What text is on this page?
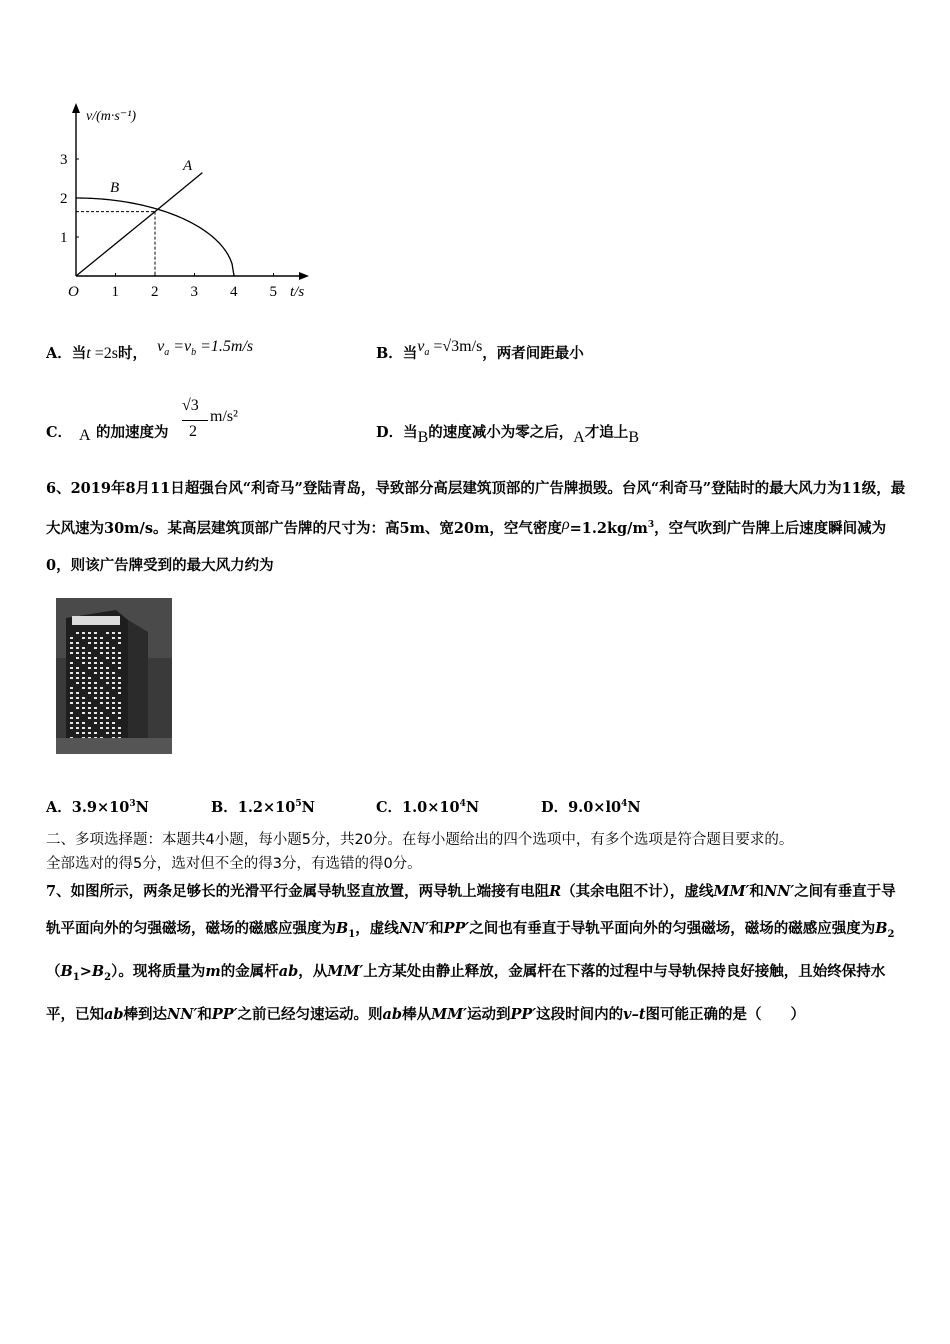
1 2 3 4 5
1
2
3
v/(m·s⁻¹)
t/s
O
A
B
A．当t =2s时， $v_a =v_b =1.5m/s$	B．当$v_a =√3m/s$，两者间距最小
C． A 的加速度为
√3
2
m/s²
D．当B的速度减小为零之后，A才追上B
6、2019年8月11日超强台风“利奇马”登陆青岛，导致部分高层建筑顶部的广告牌损毁。台风“利奇马”登陆时的最大风力为11级，最大风速为30m/s。某高层建筑顶部广告牌的尺寸为：高5m、宽20m，空气密度$\rho=1.2kg/m^3$，空气吹到广告牌上后速度瞬间减为0，则该广告牌受到的最大风力约为
A．$3.9\times 10^3N$	B．$1.2\times 10^5N$	C．$1.0\times 10^4N$	D．$9.0\times l0^4N$
二、多项选择题：本题共4小题，每小题5分，共20分。在每小题给出的四个选项中，有多个选项是符合题目要求的。
全部选对的得5分，选对但不全的得3分，有选错的得0分。
7、如图所示，两条足够长的光滑平行金属导轨竖直放置，两导轨上端接有电阻R（其余电阻不计），虚线MM′和NN′之间有垂直于导轨平面向外的匀强磁场，磁场的磁感应强度为$B_1$，虚线NN′和PP′之间也有垂直于导轨平面向外的匀强磁场，磁场的磁感应强度为$B_2(B_1>B_2)$。现将质量为m的金属杆ab，从MM′上方某处由静止释放，金属杆在下落的过程中与导轨保持良好接触，且始终保持水平，已知ab棒到达NN′和PP′之前已经匀速运动。则ab棒从MM′运动到PP′这段时间内的v–t图可能正确的是（　　）
